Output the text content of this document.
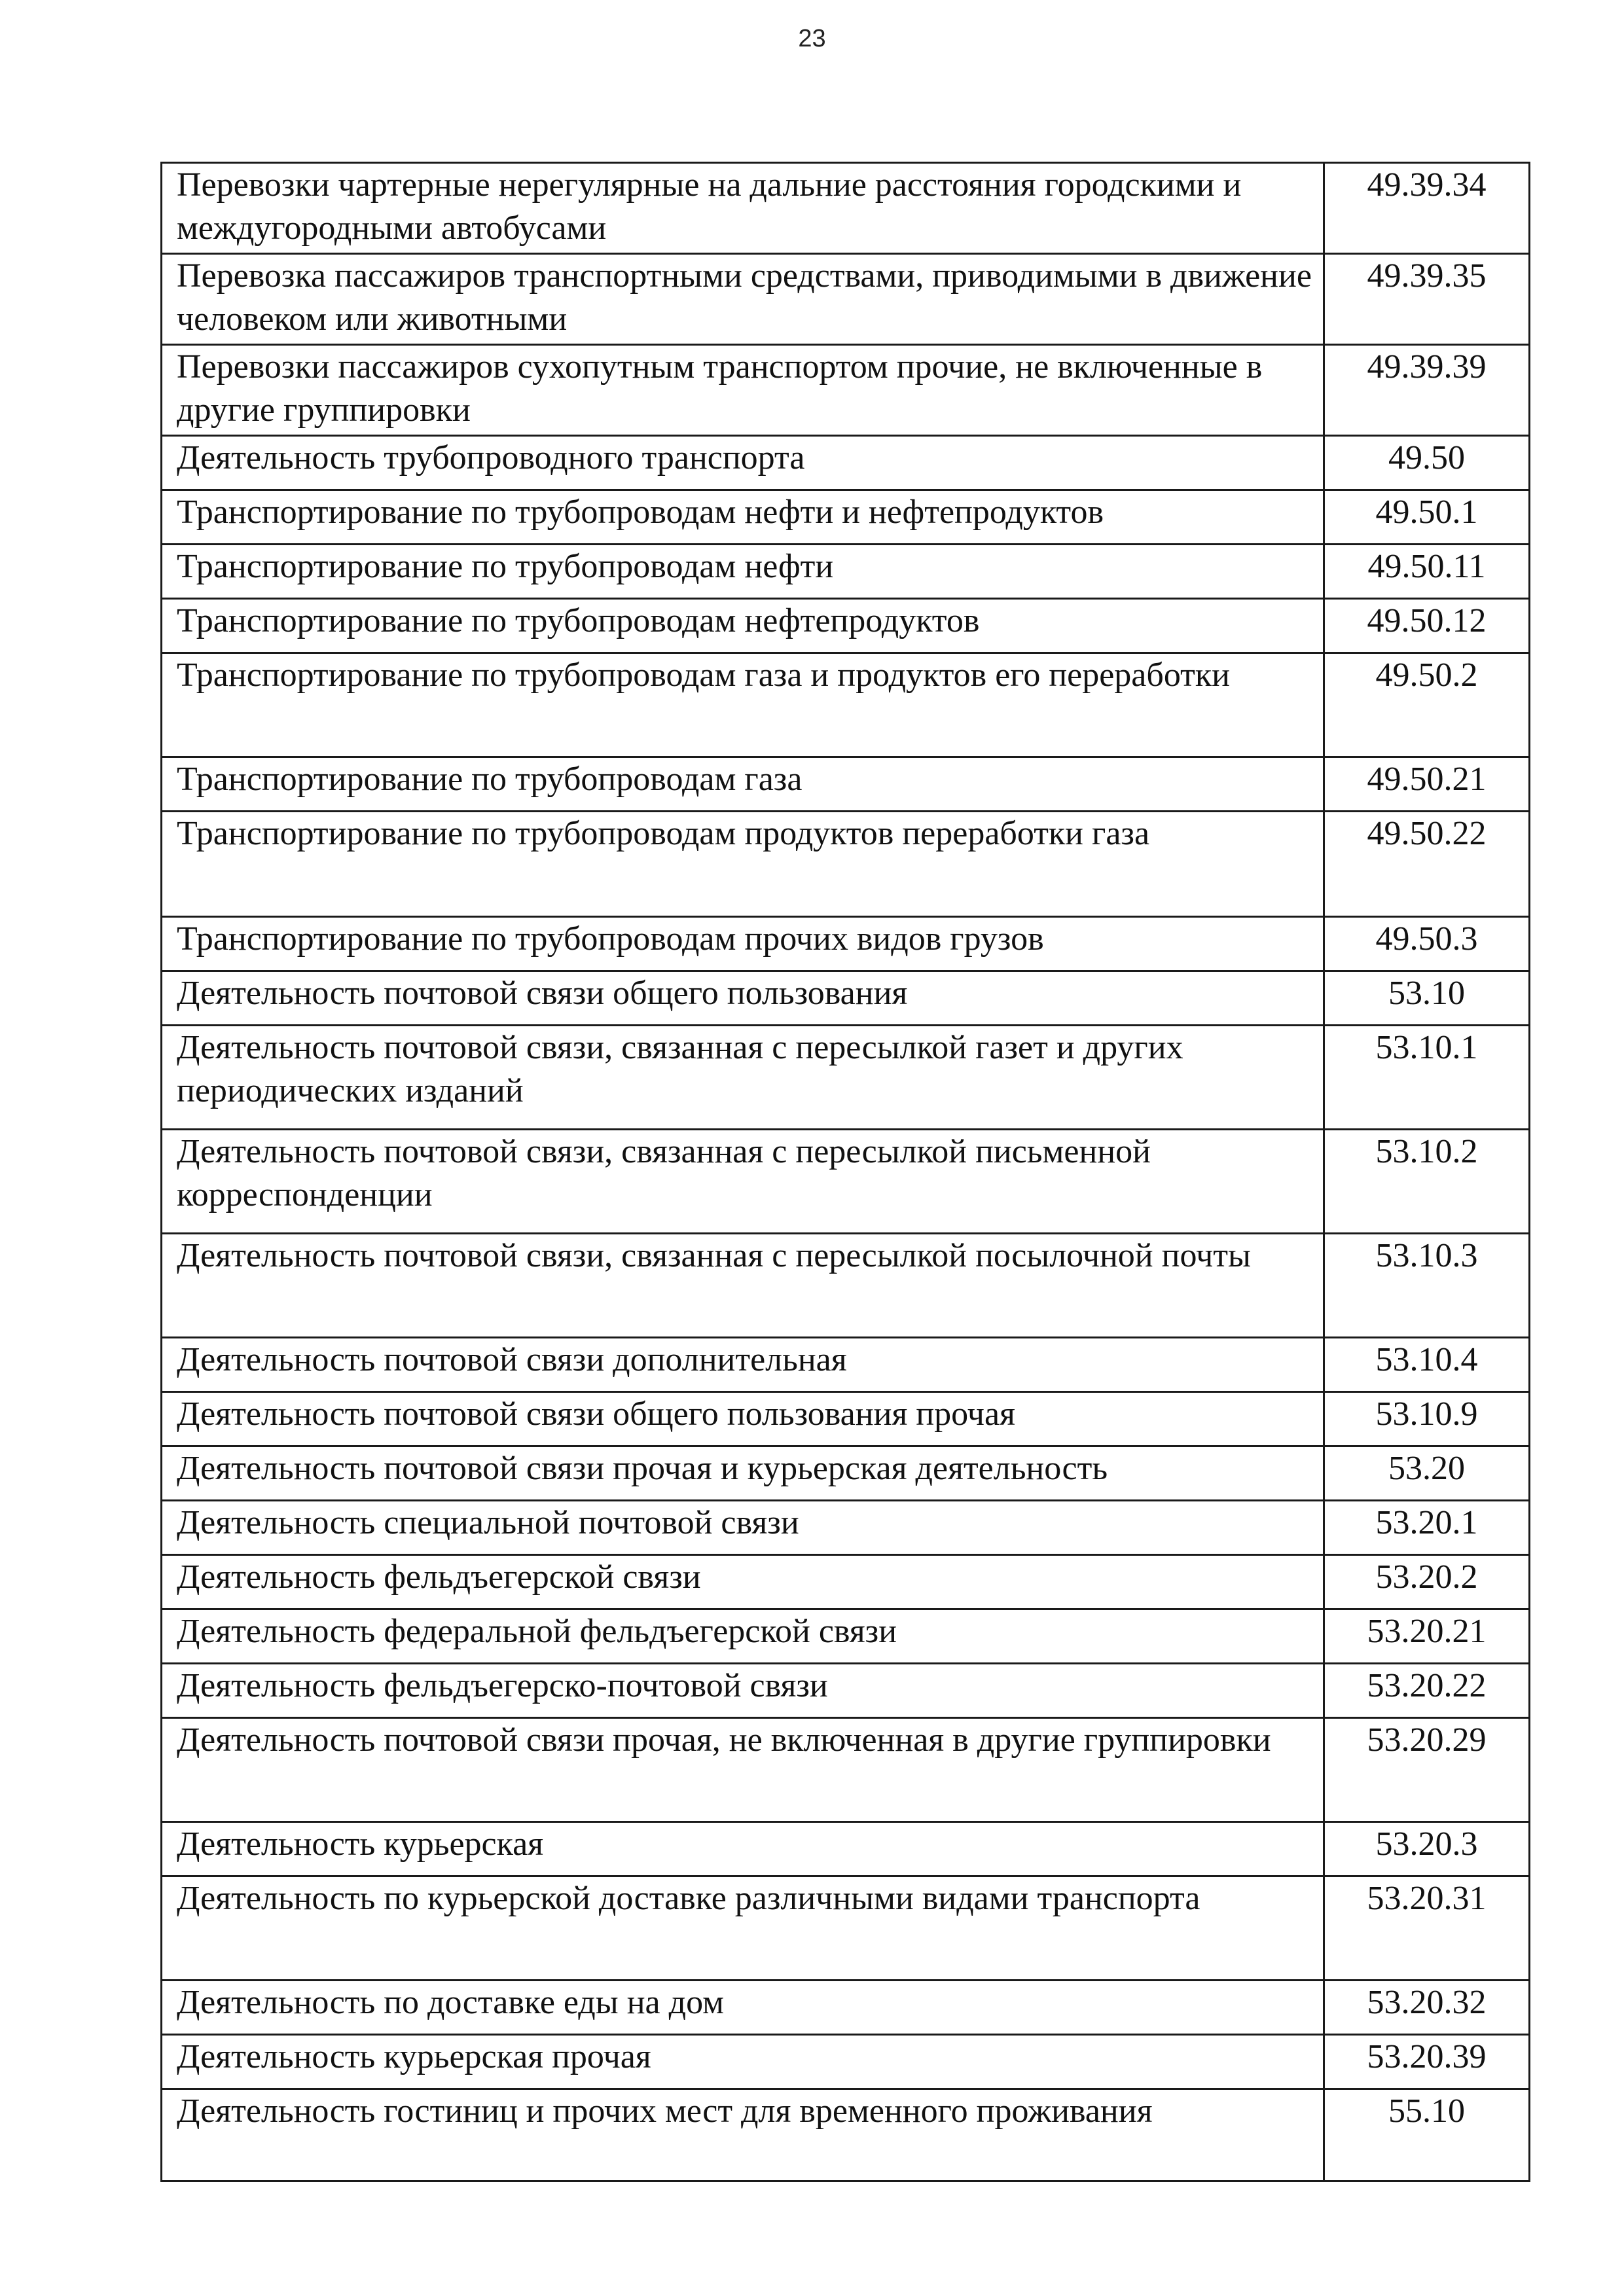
23
Перевозки чартерные нерегулярные на дальние расстояния городскими и междугородными автобусами	49.39.34
Перевозка пассажиров транспортными средствами, приводимыми в движение человеком или животными	49.39.35
Перевозки пассажиров сухопутным транспортом прочие, не включенные в другие группировки	49.39.39
Деятельность трубопроводного транспорта	49.50
Транспортирование по трубопроводам нефти и нефтепродуктов	49.50.1
Транспортирование по трубопроводам нефти	49.50.11
Транспортирование по трубопроводам нефтепродуктов	49.50.12
Транспортирование по трубопроводам газа и продуктов его переработки	49.50.2
Транспортирование по трубопроводам газа	49.50.21
Транспортирование по трубопроводам продуктов переработки газа	49.50.22
Транспортирование по трубопроводам прочих видов грузов	49.50.3
Деятельность почтовой связи общего пользования	53.10
Деятельность почтовой связи, связанная с пересылкой газет и других периодических изданий	53.10.1
Деятельность почтовой связи, связанная с пересылкой письменной корреспонденции	53.10.2
Деятельность почтовой связи, связанная с пересылкой посылочной почты	53.10.3
Деятельность почтовой связи дополнительная	53.10.4
Деятельность почтовой связи общего пользования прочая	53.10.9
Деятельность почтовой связи прочая и курьерская деятельность	53.20
Деятельность специальной почтовой связи	53.20.1
Деятельность фельдъегерской связи	53.20.2
Деятельность федеральной фельдъегерской связи	53.20.21
Деятельность фельдъегерско-почтовой связи	53.20.22
Деятельность почтовой связи прочая, не включенная в другие группировки	53.20.29
Деятельность курьерская	53.20.3
Деятельность по курьерской доставке различными видами транспорта	53.20.31
Деятельность по доставке еды на дом	53.20.32
Деятельность курьерская прочая	53.20.39
Деятельность гостиниц и прочих мест для временного проживания	55.10
